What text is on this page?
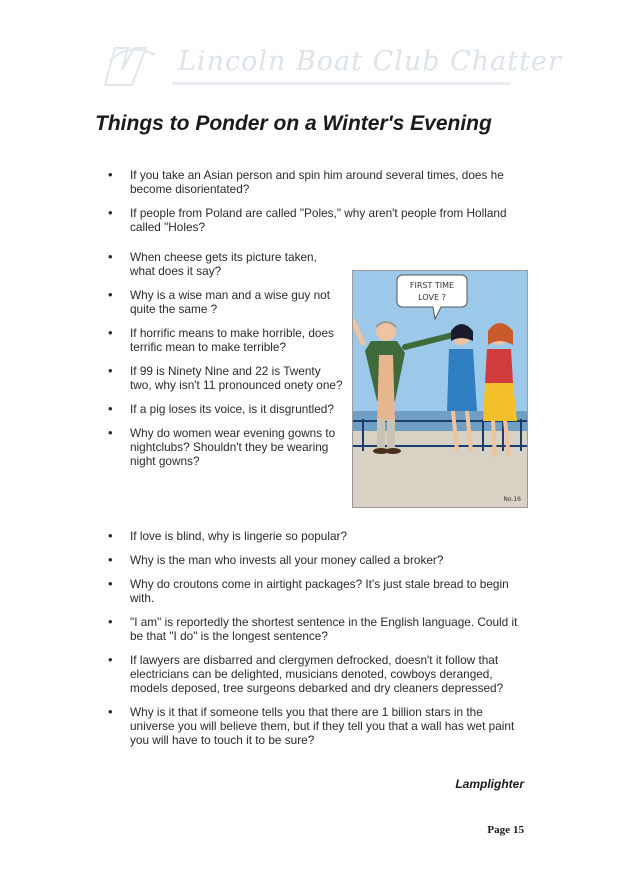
Lincoln Boat Club Chatter
Things to Ponder on a Winter's Evening
• If you take an Asian person and spin him around several times, does he become disorientated?
• If people from Poland are called "Poles," why aren't people from Holland called "Holes?
• When cheese gets its picture taken, what does it say?
• Why is a wise man and a wise guy not quite the same ?
• If horrific means to make horrible, does terrific mean to make terrible?
• If 99 is Ninety Nine and 22 is Twenty two, why isn't 11 pronounced onety one?
• If a pig loses its voice, is it disgruntled?
• Why do women wear evening gowns to nightclubs? Shouldn't they be wearing night gowns?
FIRST TIME
LOVE ?
No.16
• If love is blind, why is lingerie so popular?
• Why is the man who invests all your money called a broker?
• Why do croutons come in airtight packages? It's just stale bread to begin with.
• "I am" is reportedly the shortest sentence in the English language. Could it be that "I do" is the longest sentence?
• If lawyers are disbarred and clergymen defrocked, doesn't it follow that electricians can be delighted, musicians denoted, cowboys deranged, models deposed, tree surgeons debarked and dry cleaners depressed?
• Why is it that if someone tells you that there are 1 billion stars in the universe you will believe them, but if they tell you that a wall has wet paint you will have to touch it to be sure?
Lamplighter
Page 15
